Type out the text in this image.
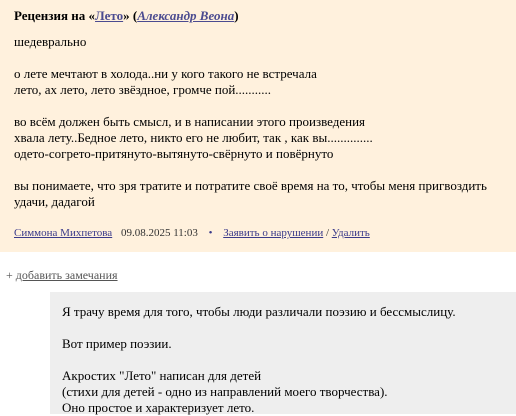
Рецензия на «Лето» (Александр Веона)

шедеврально

о лете мечтают в холода..ни у кого такого не встречала
лето, ах лето, лето звёздное, громче пой...........

во всём должен быть смысл, и в написании этого произведения
хвала лету..Бедное лето, никто его не любит, так , как вы..............
одето-согрето-притянуто-вытянуто-свёрнуто и повёрнуто

вы понимаете, что зря тратите и потратите своё время на то, чтобы меня пригвоздить
удачи, дадагой

Симмона Михпетова 09.08.2025 11:03 • Заявить о нарушении / Удалить
+ добавить замечания

Я трачу время для того, чтобы люди различали поэзию и бессмыслицу.

Вот пример поэзии.

Акростих "Лето" написан для детей
(стихи для детей - одно из направлений моего творчества).
Оно простое и характеризует лето.
